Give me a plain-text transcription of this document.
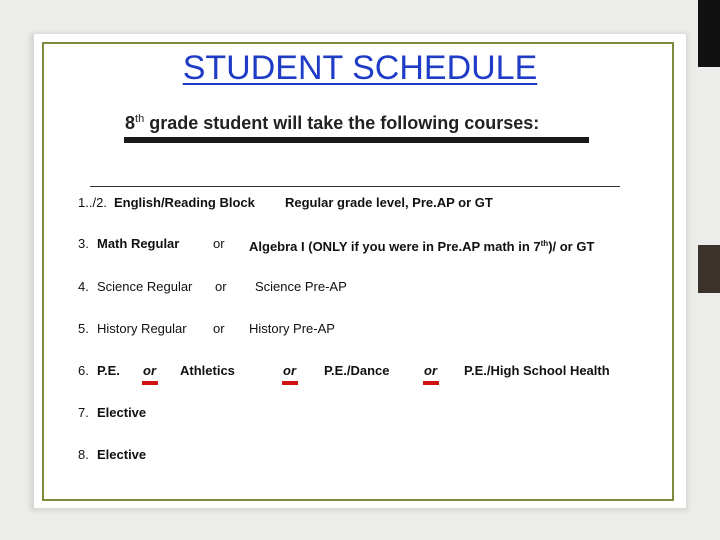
STUDENT SCHEDULE
8th grade student will take the following courses:
1../2. English/Reading Block Regular grade level, Pre.AP or GT
3. Math Regular	or Algebra I (ONLY if you were in Pre.AP math in 7th)/ or GT
4. Science Regular or Science Pre-AP
5. History Regular or History Pre-AP
6. P.E. or Athletics	or P.E./Dance	or P.E./High School Health
7. Elective
8. Elective
